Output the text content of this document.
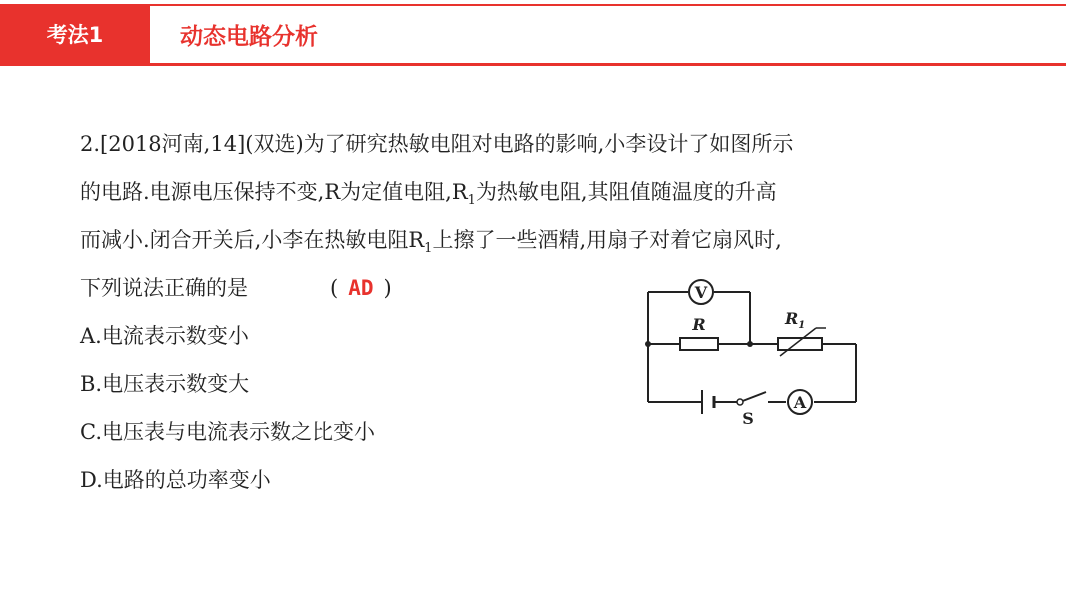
考法1	动态电路分析
2.[2018河南,14](双选)为了研究热敏电阻对电路的影响,小李设计了如图所示
的电路.电源电压保持不变,R为定值电阻$,R_1$为热敏电阻,其阻值随温度的升高
而减小.闭合开关后,小李在热敏电阻$R_1$上擦了一些酒精,用扇子对着它扇风时,
下列说法正确的是	( AD )
A.电流表示数变小
B.电压表示数变大
C.电压表与电流表示数之比变小
D.电路的总功率变小
V
R	$R_1$
S
A
